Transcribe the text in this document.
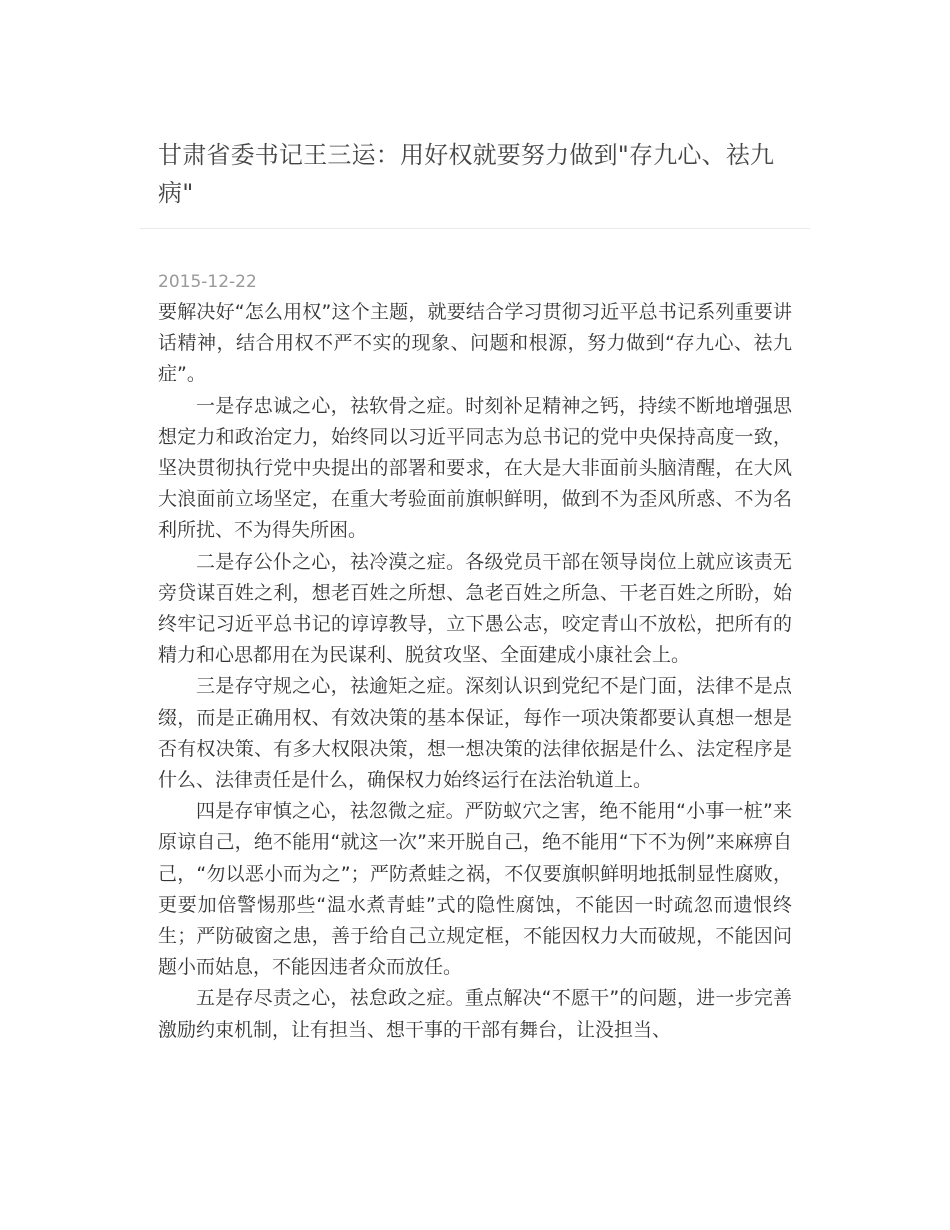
甘肃省委书记王三运：用好权就要努力做到"存九心、祛九病"
2015-12-22

要解决好“怎么用权”这个主题，就要结合学习贯彻习近平总书记系列重要讲话精神，结合用权不严不实的现象、问题和根源，努力做到“存九心、祛九症”。

一是存忠诚之心，祛软骨之症。时刻补足精神之钙，持续不断地增强思想定力和政治定力，始终同以习近平同志为总书记的党中央保持高度一致，坚决贯彻执行党中央提出的部署和要求，在大是大非面前头脑清醒，在大风大浪面前立场坚定，在重大考验面前旗帜鲜明，做到不为歪风所惑、不为名利所扰、不为得失所困。

二是存公仆之心，祛冷漠之症。各级党员干部在领导岗位上就应该责无旁贷谋百姓之利，想老百姓之所想、急老百姓之所急、干老百姓之所盼，始终牢记习近平总书记的谆谆教导，立下愚公志，咬定青山不放松，把所有的精力和心思都用在为民谋利、脱贫攻坚、全面建成小康社会上。

三是存守规之心，祛逾矩之症。深刻认识到党纪不是门面，法律不是点缀，而是正确用权、有效决策的基本保证，每作一项决策都要认真想一想是否有权决策、有多大权限决策，想一想决策的法律依据是什么、法定程序是什么、法律责任是什么，确保权力始终运行在法治轨道上。

四是存审慎之心，祛忽微之症。严防蚁穴之害，绝不能用“小事一桩”来原谅自己，绝不能用“就这一次”来开脱自己，绝不能用“下不为例”来麻痹自己，“勿以恶小而为之”；严防煮蛙之祸，不仅要旗帜鲜明地抵制显性腐败，更要加倍警惕那些“温水煮青蛙”式的隐性腐蚀，不能因一时疏忽而遗恨终生；严防破窗之患，善于给自己立规定框，不能因权力大而破规，不能因问题小而姑息，不能因违者众而放任。

五是存尽责之心，祛怠政之症。重点解决“不愿干”的问题，进一步完善激励约束机制，让有担当、想干事的干部有舞台，让没担当、
